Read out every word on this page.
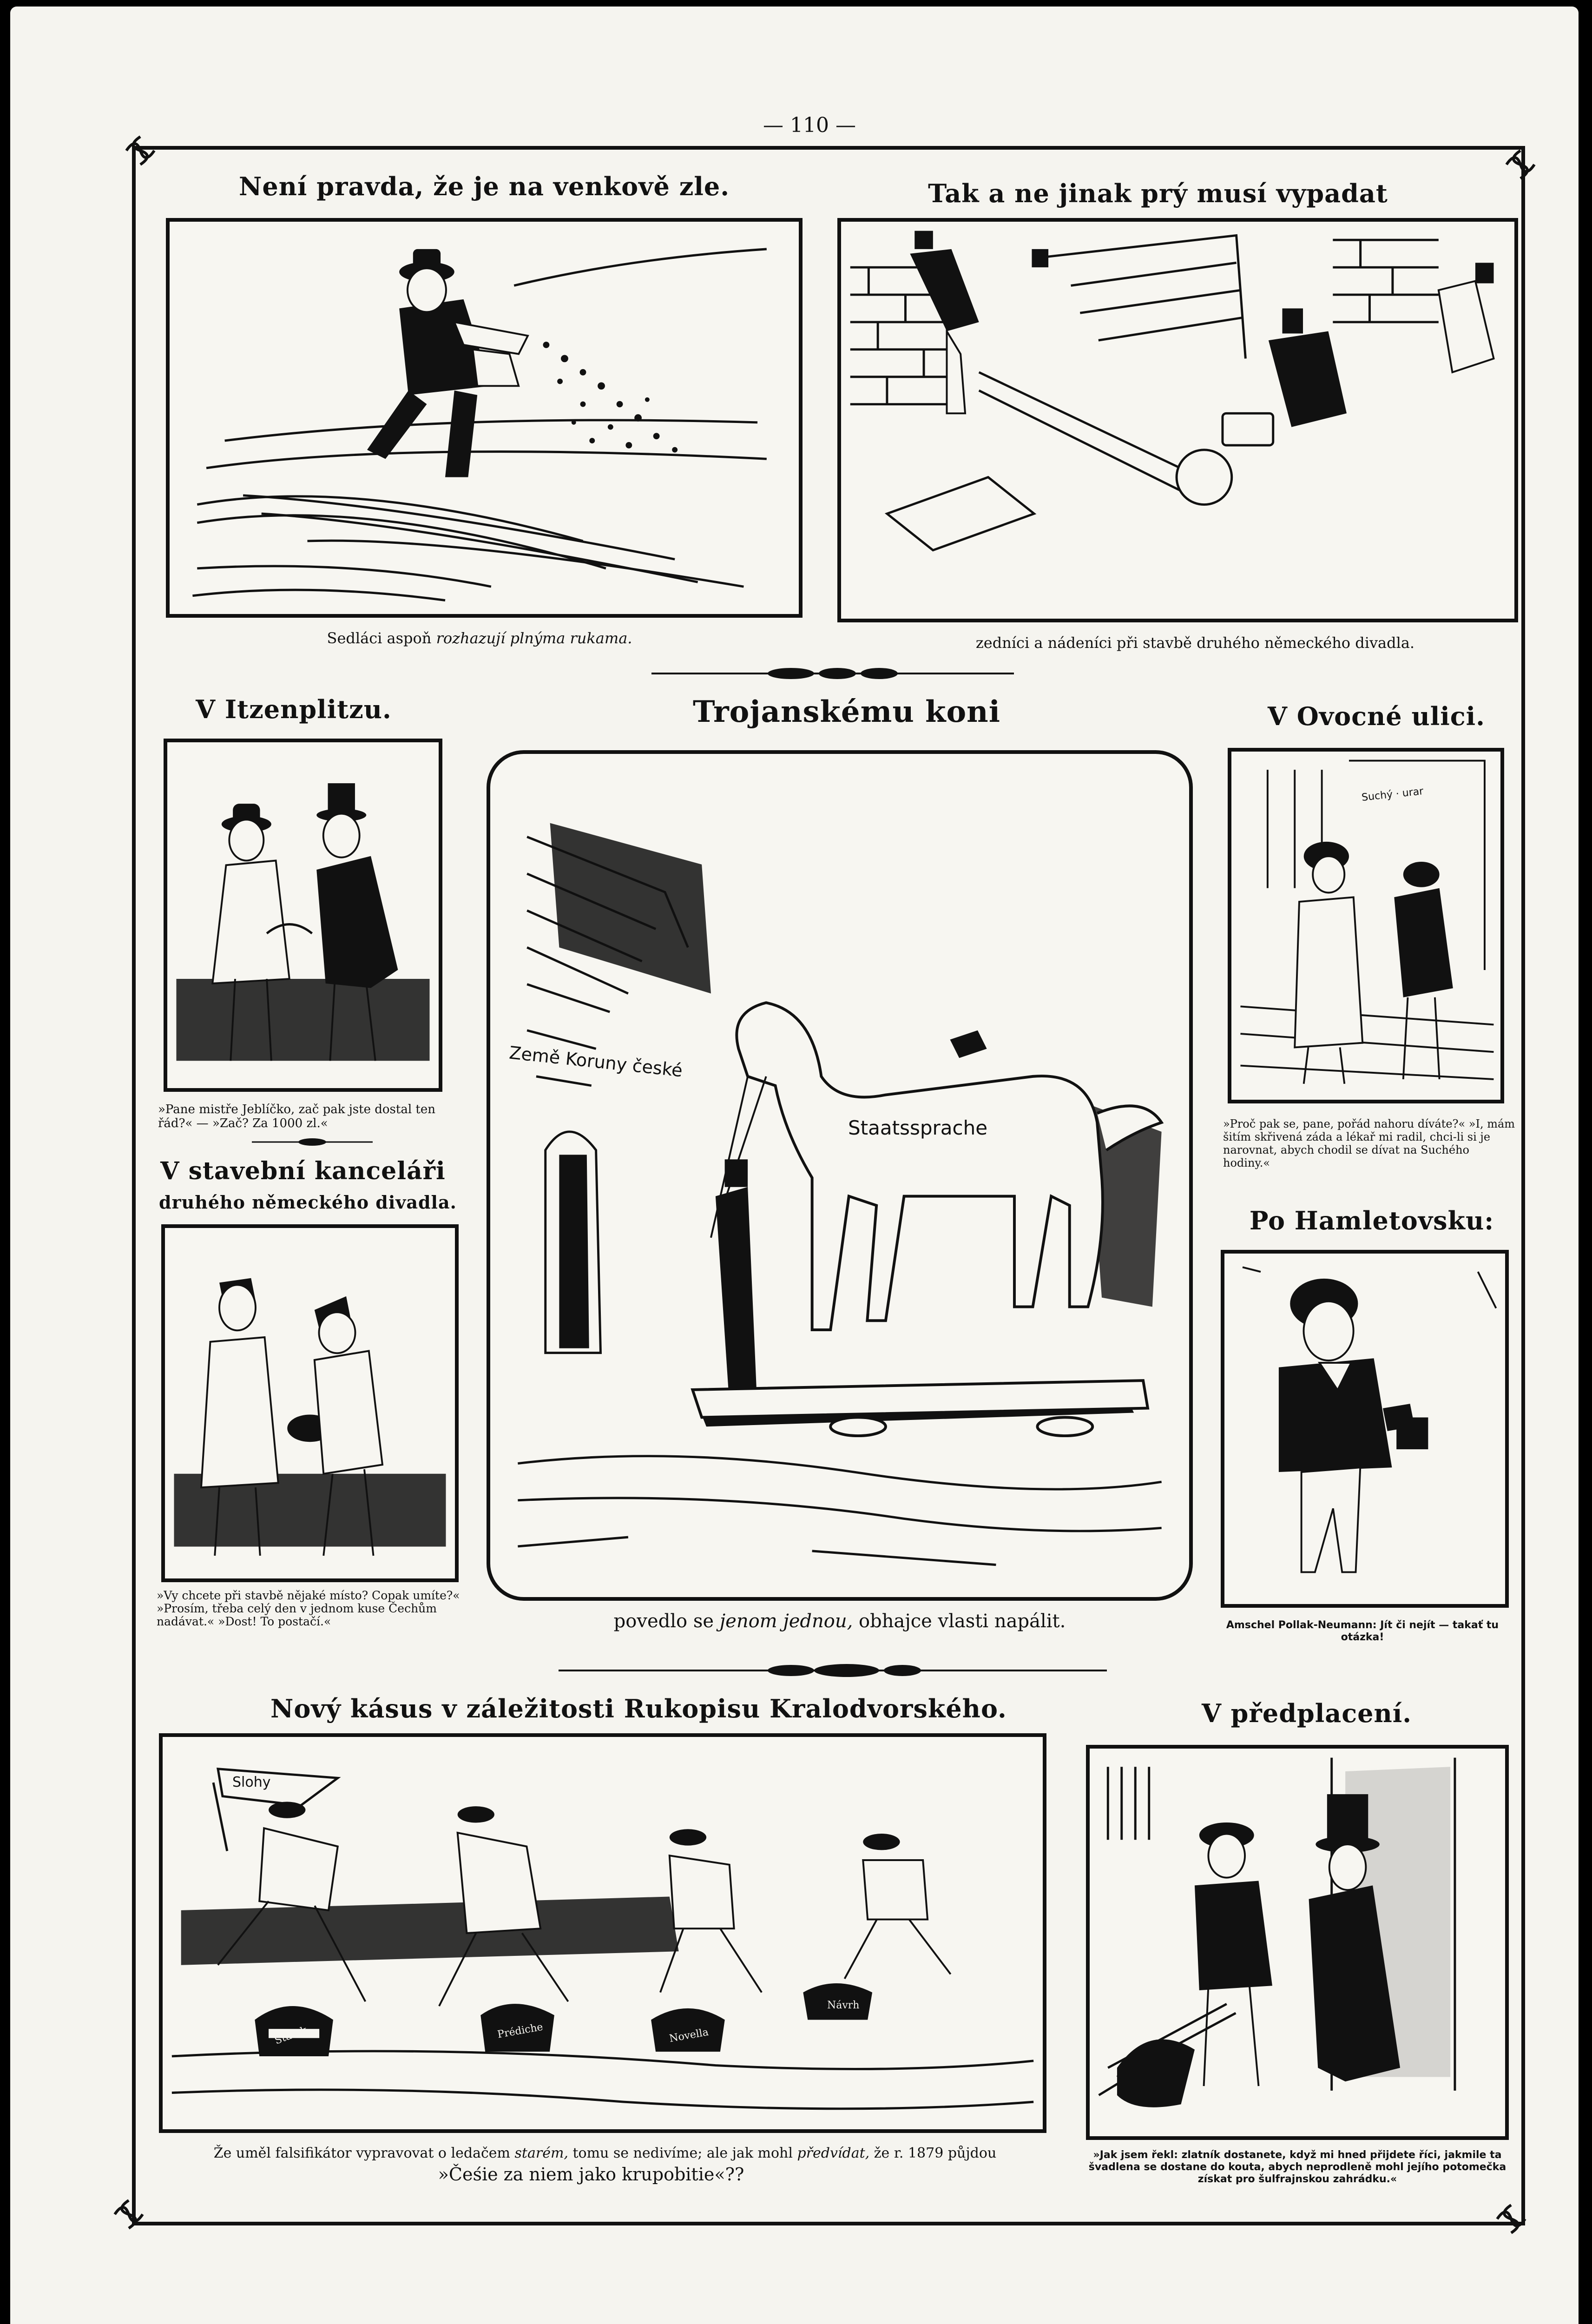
— 110 —
Není pravda, že je na venkově zle.
Sedláci aspoň rozhazují plnýma rukama.
Tak a ne jinak prý musí vypadat
zedníci a nádeníci při stavbě druhého německého divadla.
V Itzenplitzu.
»Pane mistře Jeblíčko, zač pak jste dostal ten řád?« — »Zač? Za 1000 zl.«
V stavební kanceláři
druhého německého divadla.
»Vy chcete při stavbě nějaké místo? Copak umíte?« »Prosím, třeba celý den v jednom kuse Čechům nadávat.« »Dost! To postačí.«
Trojanskému koni
Země Koruny české
Staatssprache
povedlo se jenom jednou, obhajce vlasti napálit.
V Ovocné ulici.
Suchý · urar
»Proč pak se, pane, pořád nahoru díváte?« »I, mám šitím skřivená záda a lékař mi radil, chci-li si je narovnat, abych chodil se dívat na Suchého hodiny.«
Po Hamletovsku:
Amschel Pollak-Neumann: Jít či nejít — takať tu otázka!
Nový kásus v záležitosti Rukopisu Kralodvorského.
Slohy
Statek	Prédiche	Novella
Návrh
Že uměl falsifikátor vypravovat o ledačem starém, tomu se nedivíme; ale jak mohl předvídat, že r. 1879 půjdou
»Čeśie za niem jako krupobitie«??
V předplacení.
»Jak jsem řekl: zlatník dostanete, když mi hned přijdete říci, jakmile ta švadlena se dostane do kouta, abych neprodleně mohl jejího potomečka získat pro šulfrajnskou zahrádku.«
